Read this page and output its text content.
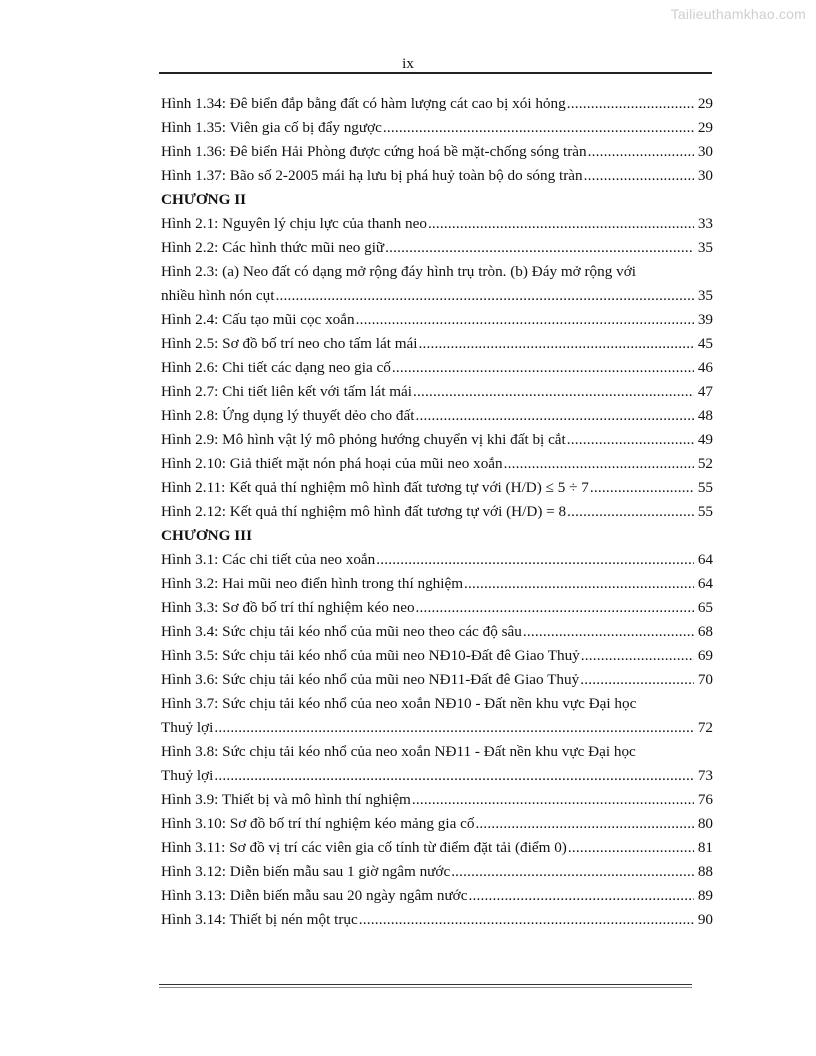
Tailieuthamkhao.com
ix
Hình 1.34: Đê biển đắp bằng đất có hàm lượng cát cao bị xói hỏng .....	29
Hình 1.35: Viên gia cố bị đẩy ngược .....	29
Hình 1.36: Đê biển Hải Phòng được cứng hoá bề mặt-chống sóng tràn .....	30
Hình 1.37: Bão số 2-2005 mái hạ lưu bị phá huỷ toàn bộ do sóng tràn .....	30
CHƯƠNG II
Hình 2.1: Nguyên lý chịu lực của thanh neo .....	33
Hình 2.2: Các hình thức mũi neo giữ .....	35
Hình 2.3: (a) Neo đất có dạng mở rộng đáy hình trụ tròn. (b) Đáy mở rộng với
nhiều hình nón cụt .....	35
Hình 2.4: Cấu tạo mũi cọc xoắn .....	39
Hình 2.5: Sơ đồ bố trí neo cho tấm lát mái .....	45
Hình 2.6: Chi tiết các dạng neo gia cố .....	46
Hình 2.7: Chi tiết liên kết với tấm lát mái .....	47
Hình 2.8: Ứng dụng lý thuyết dẻo cho đất .....	48
Hình 2.9: Mô hình vật lý mô phỏng hướng chuyển vị khi đất bị cắt .....	49
Hình 2.10: Giả thiết mặt nón phá hoại của mũi neo xoắn .....	52
Hình 2.11: Kết quả thí nghiệm mô hình đất tương tự với (H/D) ≤ 5 ÷ 7 .....	55
Hình 2.12: Kết quả thí nghiệm mô hình đất tương tự với (H/D) = 8 .....	55
CHƯƠNG III
Hình 3.1: Các chi tiết của neo xoắn .....	64
Hình 3.2: Hai mũi neo điển hình trong thí nghiệm .....	64
Hình 3.3: Sơ đồ bố trí thí nghiệm kéo neo .....	65
Hình 3.4: Sức chịu tải kéo nhổ của mũi neo theo các độ sâu .....	68
Hình 3.5: Sức chịu tải kéo nhổ của mũi neo NĐ10-Đất đê Giao Thuỷ .....	69
Hình 3.6: Sức chịu tải kéo nhổ của mũi neo NĐ11-Đất đê Giao Thuỷ .....	70
Hình 3.7: Sức chịu tải kéo nhổ của neo xoắn NĐ10 - Đất nền khu vực Đại học
Thuỷ lợi .....	72
Hình 3.8: Sức chịu tải kéo nhổ của neo xoắn NĐ11 - Đất nền khu vực Đại học
Thuỷ lợi .....	73
Hình 3.9: Thiết bị và mô hình thí nghiệm .....	76
Hình 3.10: Sơ đồ bố trí thí nghiệm kéo mảng gia cố .....	80
Hình 3.11: Sơ đồ vị trí các viên gia cố tính từ điểm đặt tải (điểm 0) .....	81
Hình 3.12: Diễn biến mẫu sau 1 giờ ngâm nước .....	88
Hình 3.13: Diễn biến mẫu sau 20 ngày ngâm nước .....	89
Hình 3.14: Thiết bị nén một trục .....	90
